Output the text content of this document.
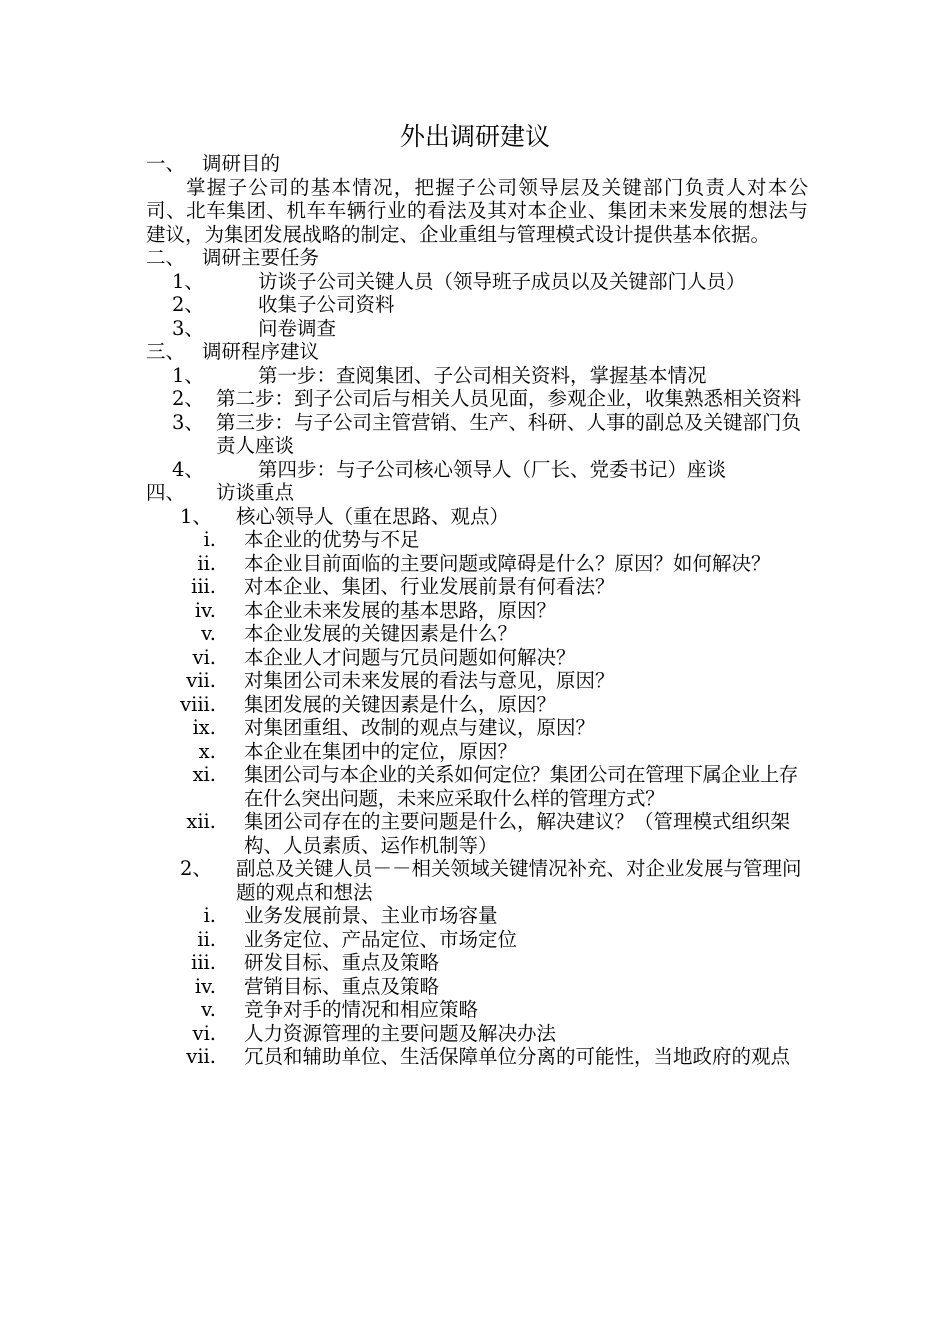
外出调研建议
一、 调研目的
掌握子公司的基本情况，把握子公司领导层及关键部门负责人对本公司、北车集团、机车车辆行业的看法及其对本企业、集团未来发展的想法与建议，为集团发展战略的制定、企业重组与管理模式设计提供基本依据。
二、 调研主要任务
1、	访谈子公司关键人员（领导班子成员以及关键部门人员）
2、	收集子公司资料
3、	问卷调查
三、 调研程序建议
1、	第一步：查阅集团、子公司相关资料，掌握基本情况
2、 第二步：到子公司后与相关人员见面，参观企业，收集熟悉相关资料
3、 第三步：与子公司主管营销、生产、科研、人事的副总及关键部门负责人座谈
4、	第四步：与子公司核心领导人（厂长、党委书记）座谈
四、	访谈重点
1、	核心领导人（重在思路、观点）
i.	本企业的优势与不足
ii.	本企业目前面临的主要问题或障碍是什么？原因？如何解决？
iii.	对本企业、集团、行业发展前景有何看法？
iv.	本企业未来发展的基本思路，原因？
v.	本企业发展的关键因素是什么？
vi.	本企业人才问题与冗员问题如何解决？
vii.	对集团公司未来发展的看法与意见，原因？
viii.	集团发展的关键因素是什么，原因？
ix.	对集团重组、改制的观点与建议，原因？
x.	本企业在集团中的定位，原因？
xi.	集团公司与本企业的关系如何定位？集团公司在管理下属企业上存在什么突出问题，未来应采取什么样的管理方式？
xii.	集团公司存在的主要问题是什么，解决建议？（管理模式组织架构、人员素质、运作机制等）
2、	副总及关键人员－－相关领域关键情况补充、对企业发展与管理问题的观点和想法
i.	业务发展前景、主业市场容量
ii.	业务定位、产品定位、市场定位
iii.	研发目标、重点及策略
iv.	营销目标、重点及策略
v.	竞争对手的情况和相应策略
vi.	人力资源管理的主要问题及解决办法
vii.	冗员和辅助单位、生活保障单位分离的可能性，当地政府的观点
